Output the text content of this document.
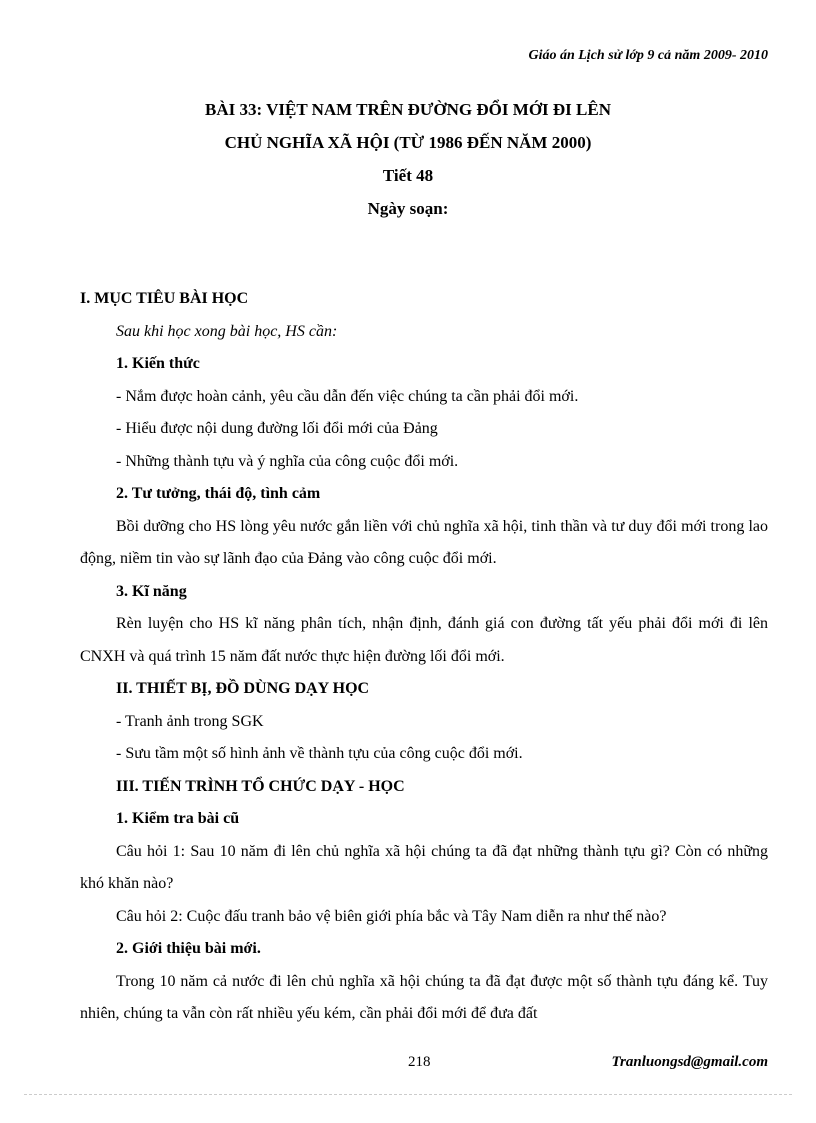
Giáo án Lịch sử lớp 9 cả năm 2009- 2010
BÀI 33: VIỆT NAM TRÊN ĐƯỜNG ĐỔI MỚI ĐI LÊN
CHỦ NGHĨA XÃ HỘI (TỪ 1986 ĐẾN NĂM 2000)
Tiết 48
Ngày soạn:

I. MỤC TIÊU BÀI HỌC

Sau khi học xong bài học, HS cần:

1. Kiến thức

- Nắm được hoàn cảnh, yêu cầu dẫn đến việc chúng ta cần phải đổi mới.

- Hiểu được nội dung đường lối đổi mới của Đảng

- Những thành tựu và ý nghĩa của công cuộc đổi mới.

2. Tư tưởng, thái độ, tình cảm

Bồi dưỡng cho HS lòng yêu nước gắn liền với chủ nghĩa xã hội, tinh thần và tư duy đổi mới trong lao động, niềm tin vào sự lãnh đạo của Đảng vào công cuộc đổi mới.

3. Kĩ năng

Rèn luyện cho HS kĩ năng phân tích, nhận định, đánh giá con đường tất yếu phải đổi mới đi lên CNXH và quá trình 15 năm đất nước thực hiện đường lối đổi mới.

II. THIẾT BỊ, ĐỒ DÙNG DẠY HỌC

- Tranh ảnh trong SGK

- Sưu tầm một số hình ảnh về thành tựu của công cuộc đổi mới.

III. TIẾN TRÌNH TỔ CHỨC DẠY - HỌC

1. Kiểm tra bài cũ

Câu hỏi 1: Sau 10 năm đi lên chủ nghĩa xã hội chúng ta đã đạt những thành tựu gì? Còn có những khó khăn nào?

Câu hỏi 2: Cuộc đấu tranh bảo vệ biên giới phía bắc và Tây Nam diễn ra như thế nào?

2. Giới thiệu bài mới.

Trong 10 năm cả nước đi lên chủ nghĩa xã hội chúng ta đã đạt được một số thành tựu đáng kể. Tuy nhiên, chúng ta vẫn còn rất nhiều yếu kém, cần phải đổi mới để đưa đất

218	Tranluongsd@gmail.com
